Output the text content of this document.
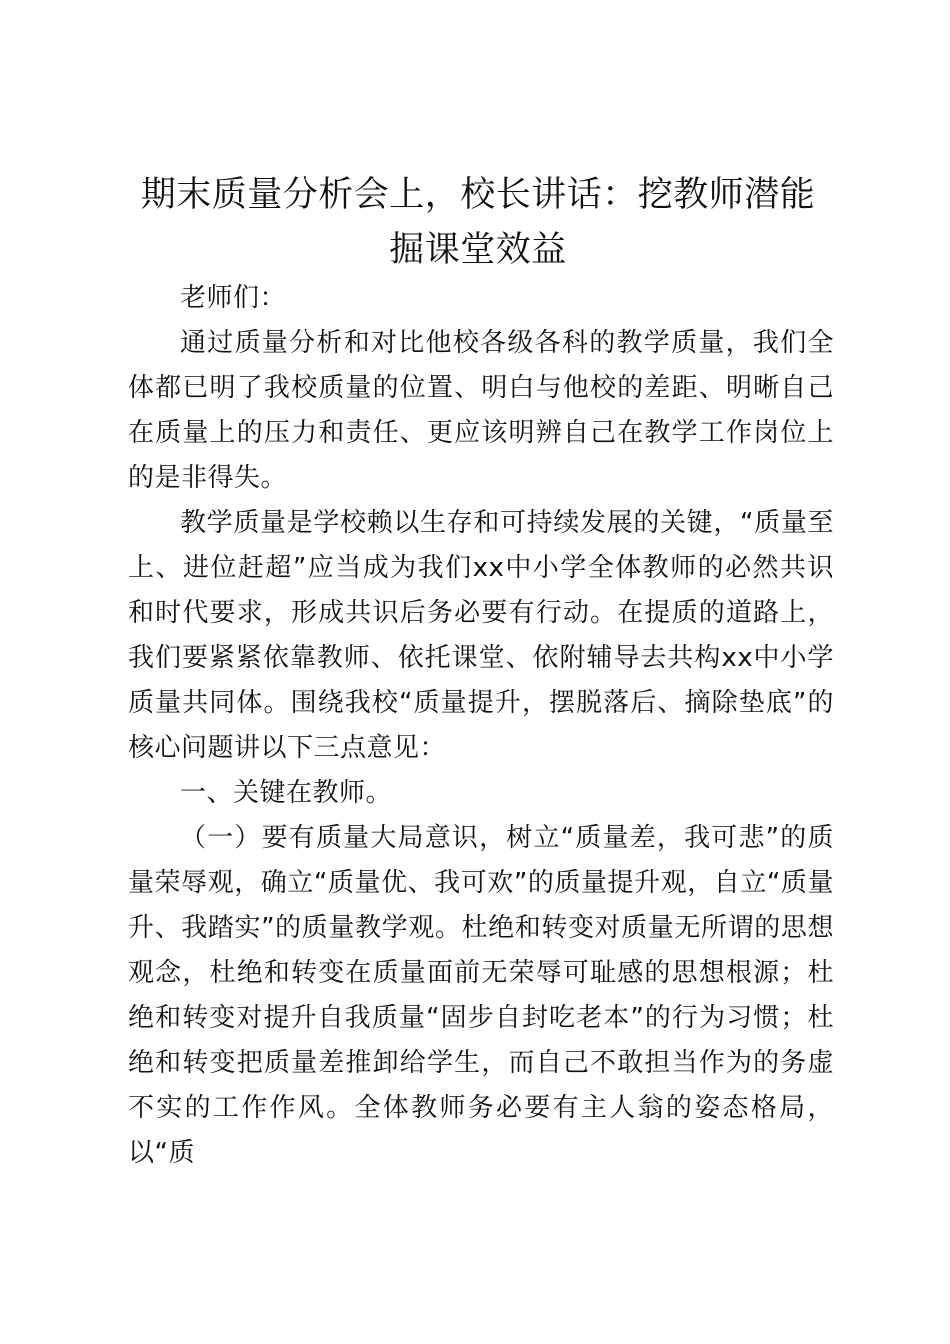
期末质量分析会上，校长讲话：挖教师潜能掘课堂效益

老师们：

通过质量分析和对比他校各级各科的教学质量，我们全体都已明了我校质量的位置、明白与他校的差距、明晰自己在质量上的压力和责任、更应该明辨自己在教学工作岗位上的是非得失。

教学质量是学校赖以生存和可持续发展的关键，“质量至上、进位赶超”应当成为我们xx中小学全体教师的必然共识和时代要求，形成共识后务必要有行动。在提质的道路上，我们要紧紧依靠教师、依托课堂、依附辅导去共构xx中小学质量共同体。围绕我校“质量提升，摆脱落后、摘除垫底”的核心问题讲以下三点意见：

一、关键在教师。

（一）要有质量大局意识，树立“质量差，我可悲”的质量荣辱观，确立“质量优、我可欢”的质量提升观，自立“质量升、我踏实”的质量教学观。杜绝和转变对质量无所谓的思想观念，杜绝和转变在质量面前无荣辱可耻感的思想根源；杜绝和转变对提升自我质量“固步自封吃老本”的行为习惯；杜绝和转变把质量差推卸给学生，而自己不敢担当作为的务虚不实的工作作风。全体教师务必要有主人翁的姿态格局，以“质
